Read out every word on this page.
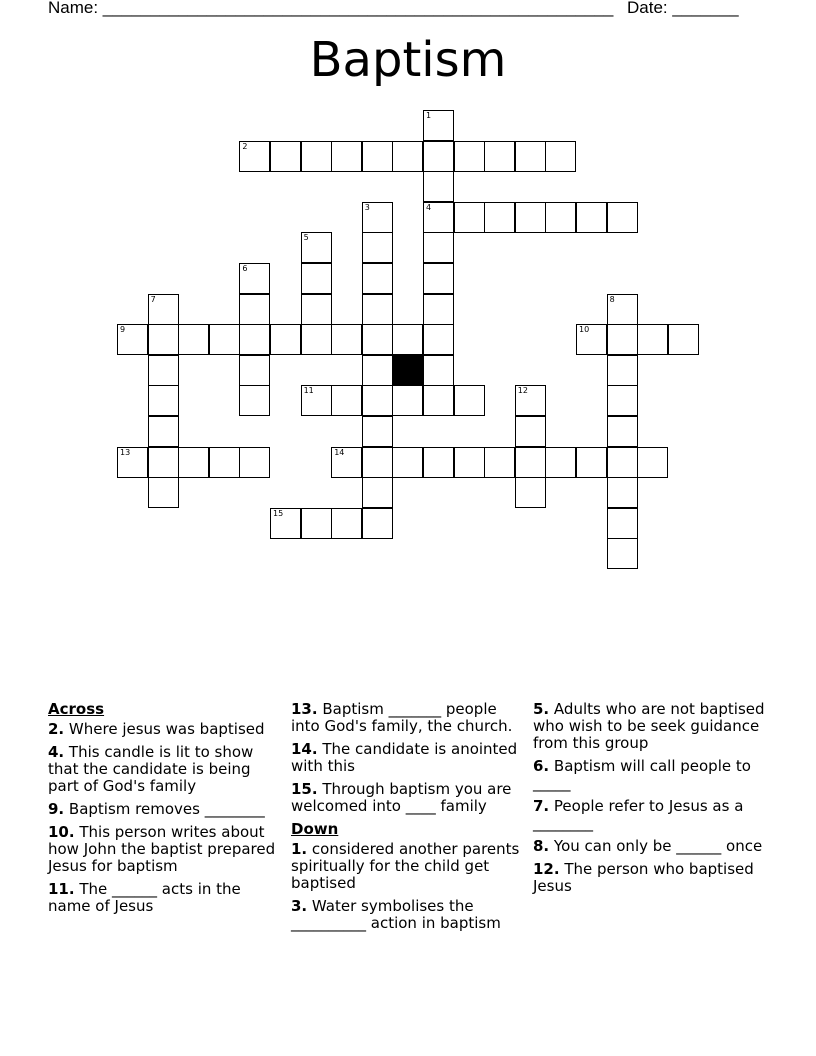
Name: ______________________________________________________ Date: _______
Baptism
2
4
9	10
11
13	14
15
1
3
5
6
7	8
12
Across
2. Where jesus was baptised
4. This candle is lit to show that the candidate is being part of God's family
9. Baptism removes ________
10. This person writes about how John the baptist prepared Jesus for baptism
11. The ______ acts in the name of Jesus
13. Baptism _______ people into God's family, the church.
14. The candidate is anointed with this
15. Through baptism you are welcomed into ____ family
Down
1. considered another parents spiritually for the child get baptised
3. Water symbolises the __________ action in baptism
5. Adults who are not baptised who wish to be seek guidance from this group
6. Baptism will call people to _____
7. People refer to Jesus as a ________
8. You can only be ______ once
12. The person who baptised Jesus
